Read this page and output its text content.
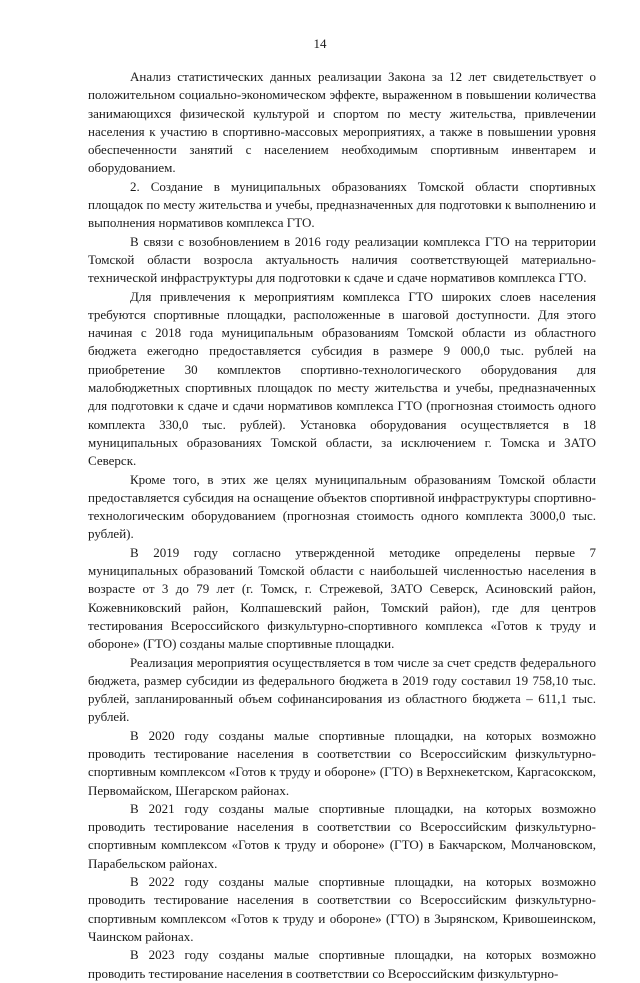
14

Анализ статистических данных реализации Закона за 12 лет свидетельствует о положительном социально-экономическом эффекте, выраженном в повышении количества занимающихся физической культурой и спортом по месту жительства, привлечении населения к участию в спортивно-массовых мероприятиях, а также в повышении уровня обеспеченности занятий с населением необходимым спортивным инвентарем и оборудованием.

2. Создание в муниципальных образованиях Томской области спортивных площадок по месту жительства и учебы, предназначенных для подготовки к выполнению и выполнения нормативов комплекса ГТО.

В связи с возобновлением в 2016 году реализации комплекса ГТО на территории Томской области возросла актуальность наличия соответствующей материально-технической инфраструктуры для подготовки к сдаче и сдаче нормативов комплекса ГТО.

Для привлечения к мероприятиям комплекса ГТО широких слоев населения требуются спортивные площадки, расположенные в шаговой доступности. Для этого начиная с 2018 года муниципальным образованиям Томской области из областного бюджета ежегодно предоставляется субсидия в размере 9 000,0 тыс. рублей на приобретение 30 комплектов спортивно-технологического оборудования для малобюджетных спортивных площадок по месту жительства и учебы, предназначенных для подготовки к сдаче и сдачи нормативов комплекса ГТО (прогнозная стоимость одного комплекта 330,0 тыс. рублей). Установка оборудования осуществляется в 18 муниципальных образованиях Томской области, за исключением г. Томска и ЗАТО Северск.

Кроме того, в этих же целях муниципальным образованиям Томской области предоставляется субсидия на оснащение объектов спортивной инфраструктуры спортивно-технологическим оборудованием (прогнозная стоимость одного комплекта 3000,0 тыс. рублей).

В 2019 году согласно утвержденной методике определены первые 7 муниципальных образований Томской области с наибольшей численностью населения в возрасте от 3 до 79 лет (г. Томск, г. Стрежевой, ЗАТО Северск, Асиновский район, Кожевниковский район, Колпашевский район, Томский район), где для центров тестирования Всероссийского физкультурно-спортивного комплекса «Готов к труду и обороне» (ГТО) созданы малые спортивные площадки.

Реализация мероприятия осуществляется в том числе за счет средств федерального бюджета, размер субсидии из федерального бюджета в 2019 году составил 19 758,10 тыс. рублей, запланированный объем софинансирования из областного бюджета – 611,1 тыс. рублей.

В 2020 году созданы малые спортивные площадки, на которых возможно проводить тестирование населения в соответствии со Всероссийским физкультурно-спортивным комплексом «Готов к труду и обороне» (ГТО) в Верхнекетском, Каргасокском, Первомайском, Шегарском районах.

В 2021 году созданы малые спортивные площадки, на которых возможно проводить тестирование населения в соответствии со Всероссийским физкультурно-спортивным комплексом «Готов к труду и обороне» (ГТО) в Бакчарском, Молчановском, Парабельском районах.

В 2022 году созданы малые спортивные площадки, на которых возможно проводить тестирование населения в соответствии со Всероссийским физкультурно-спортивным комплексом «Готов к труду и обороне» (ГТО) в Зырянском, Кривошеинском, Чаинском районах.

В 2023 году созданы малые спортивные площадки, на которых возможно проводить тестирование населения в соответствии со Всероссийским физкультурно-
